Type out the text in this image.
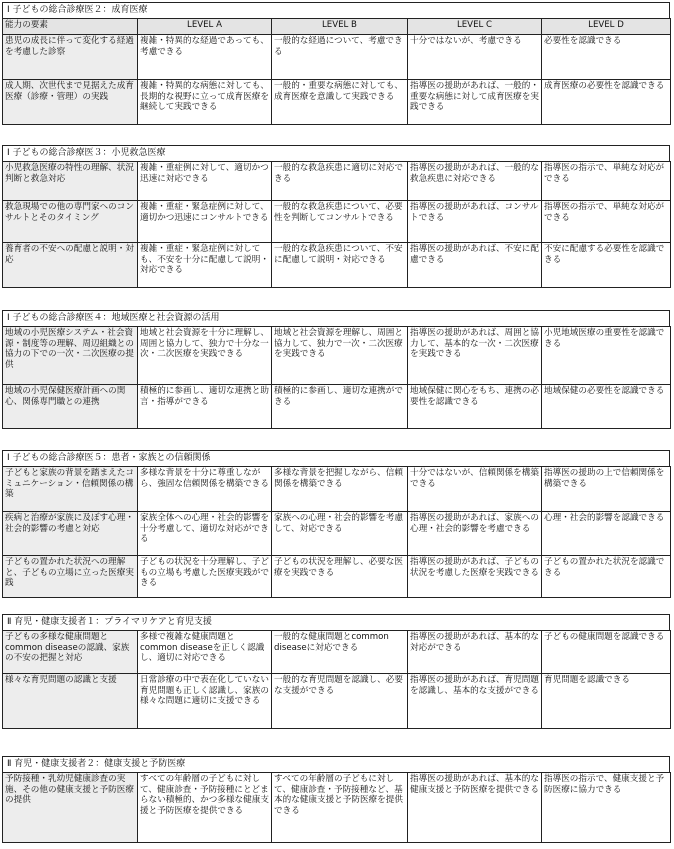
Ⅰ 子どもの総合診療医２：成育医療
能力の要素	LEVEL A	LEVEL B	LEVEL C	LEVEL D
患児の成長に伴って変化する経過を考慮した診察	複雑・特異的な経過であっても、考慮できる	一般的な経過について、考慮できる	十分ではないが、考慮できる	必要性を認識できる
成人期、次世代まで見据えた成育医療（診療・管理）の実践	複雑・特異的な病態に対しても、長期的な視野に立って成育医療を継続して実践できる	一般的・重要な病態に対しても、成育医療を意識して実践できる	指導医の援助があれば、一般的・重要な病態に対して成育医療を実践できる	成育医療の必要性を認識できる
Ⅰ 子どもの総合診療医３：小児救急医療
小児救急医療の特性の理解、状況判断と救急対応	複雑・重症例に対して、適切かつ迅速に対応できる	一般的な救急疾患に適切に対応できる	指導医の援助があれば、一般的な救急疾患に対応できる	指導医の指示で、単純な対応ができる
救急現場での他の専門家へのコンサルトとそのタイミング	複雑・重症・緊急症例に対して、適切かつ迅速にコンサルトできる	一般的な救急疾患について、必要性を判断してコンサルトできる	指導医の援助があれば、コンサルトできる	指導医の指示で、単純な対応ができる
養育者の不安への配慮と説明・対応	複雑・重症・緊急症例に対しても、不安を十分に配慮して説明・対応できる	一般的な救急疾患について、不安に配慮して説明・対応できる	指導医の援助があれば、不安に配慮できる	不安に配慮する必要性を認識できる
Ⅰ 子どもの総合診療医４：地域医療と社会資源の活用
地域の小児医療システム・社会資源・制度等の理解、周辺組織との協力の下での一次・二次医療の提供	地域と社会資源を十分に理解し、周囲と協力して、独力で十分な一次・二次医療を実践できる	地域と社会資源を理解し、周囲と協力して、独力で一次・二次医療を実践できる	指導医の援助があれば、周囲と協力して、基本的な一次・二次医療を実践できる	小児地域医療の重要性を認識できる
地域の小児保健医療計画への関心、関係専門職との連携	積極的に参画し、適切な連携と助言・指導ができる	積極的に参画し、適切な連携ができる	地域保健に関心をもち、連携の必要性を認識できる	地域保健の必要性を認識できる
Ⅰ 子どもの総合診療医５：患者・家族との信頼関係
子どもと家族の背景を踏まえたコミュニケーション・信頼関係の構築	多様な背景を十分に尊重しながら、強固な信頼関係を構築できる	多様な背景を把握しながら、信頼関係を構築できる	十分ではないが、信頼関係を構築できる	指導医の援助の上で信頼関係を構築できる
疾病と治療が家族に及ぼす心理・社会的影響の考慮と対応	家族全体への心理・社会的影響を十分考慮して、適切な対応ができる	家族への心理・社会的影響を考慮して、対応できる	指導医の援助があれば、家族への心理・社会的影響を考慮できる	心理・社会的影響を認識できる
子どもの置かれた状況への理解と、子どもの立場に立った医療実践	子どもの状況を十分理解し、子どもの立場も考慮した医療実践ができる	子どもの状況を理解し、必要な医療を実践できる	指導医の援助があれば、子どもの状況を考慮した医療を実践できる	子どもの置かれた状況を認識できる
Ⅱ 育児・健康支援者１：プライマリケアと育児支援
子どもの多様な健康問題とcommon diseaseの認識、家族の不安の把握と対応	多様で複雑な健康問題とcommon diseaseを正しく認識し、適切に対応できる	一般的な健康問題とcommon diseaseに対応できる	指導医の援助があれば、基本的な対応ができる	子どもの健康問題を認識できる
様々な育児問題の認識と支援	日常診療の中で表在化していない育児問題も正しく認識し、家族の様々な問題に適切に支援できる	一般的な育児問題を認識し、必要な支援ができる	指導医の援助があれば、育児問題を認識し、基本的な支援ができる	育児問題を認識できる
Ⅱ 育児・健康支援者２：健康支援と予防医療
予防接種・乳幼児健康診査の実施、その他の健康支援と予防医療の提供	すべての年齢層の子どもに対して、健康診査・予防接種にとどまらない積極的、かつ多様な健康支援と予防医療を提供できる	すべての年齢層の子どもに対して、健康診査・予防接種など、基本的な健康支援と予防医療を提供できる	指導医の援助があれば、基本的な健康支援と予防医療を提供できる	指導医の指示で、健康支援と予防医療に協力できる
